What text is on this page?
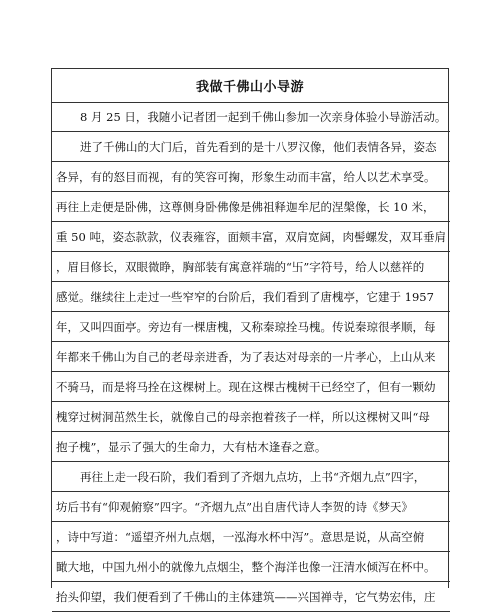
我做千佛山小导游
8 月 25 日，我随小记者团一起到千佛山参加一次亲身体验小导游活动。
进了千佛山的大门后，首先看到的是十八罗汉像，他们表情各异，姿态
各异，有的怒目而视，有的笑容可掬，形象生动而丰富，给人以艺术享受。
再往上走便是卧佛，这尊侧身卧佛像是佛祖释迦牟尼的涅槃像，长 10 米，
重 50 吨，姿态款款，仪表雍容，面颊丰富，双肩宽阔，肉髻螺发，双耳垂肩
，眉目修长，双眼微睁，胸部装有寓意祥瑞的“卐”字符号，给人以慈祥的
感觉。继续往上走过一些窄窄的台阶后，我们看到了唐槐亭，它建于 1957
年，又叫四面亭。旁边有一棵唐槐，又称秦琼拴马槐。传说秦琼很孝顺，每
年都来千佛山为自己的老母亲进香，为了表达对母亲的一片孝心，上山从来
不骑马，而是将马拴在这棵树上。现在这棵古槐树干已经空了，但有一颗幼
槐穿过树洞茁然生长，就像自己的母亲抱着孩子一样，所以这棵树又叫“母
抱子槐”，显示了强大的生命力，大有枯木逢春之意。
再往上走一段石阶，我们看到了齐烟九点坊，上书“齐烟九点”四字，
坊后书有“仰观俯察”四字。“齐烟九点”出自唐代诗人李贺的诗《梦天》
，诗中写道：“遥望齐州九点烟，一泓海水杯中泻”。意思是说，从高空俯
瞰大地，中国九州小的就像九点烟尘，整个海洋也像一汪清水倾泻在杯中。
抬头仰望，我们便看到了千佛山的主体建筑——兴国禅寺，它气势宏伟，庄
